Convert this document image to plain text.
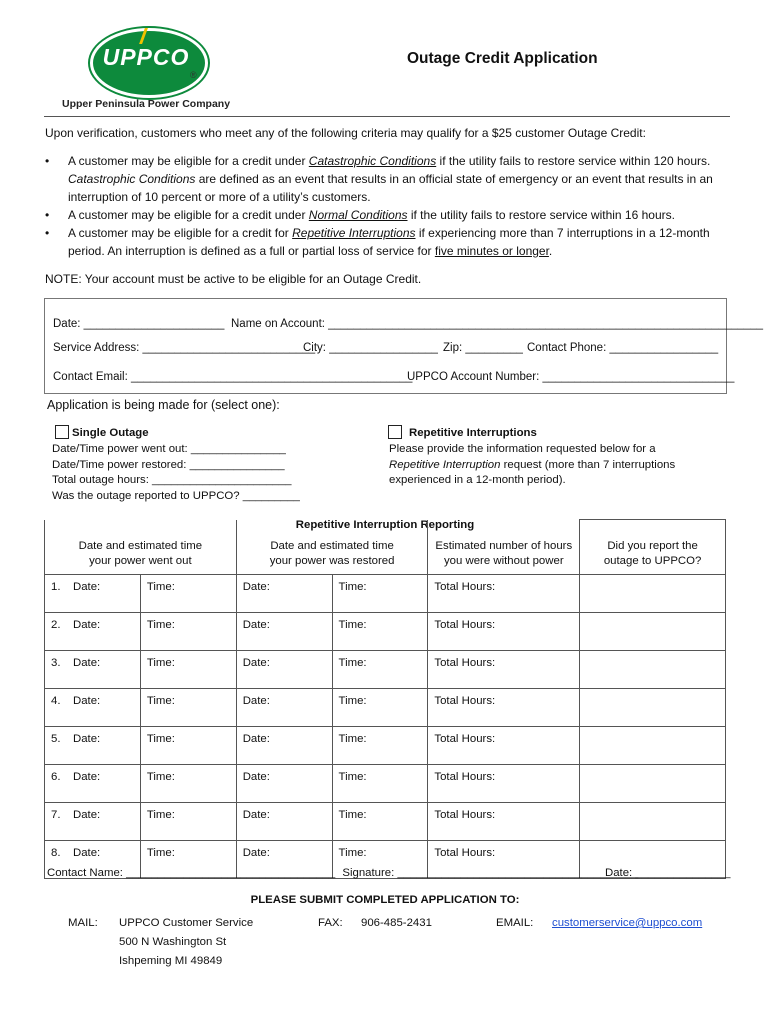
UPPCO
®
Upper Peninsula Power Company
Outage Credit Application
Upon verification, customers who meet any of the following criteria may qualify for a $25 customer Outage Credit:
• A customer may be eligible for a credit under Catastrophic Conditions if the utility fails to restore service within 120 hours. Catastrophic Conditions are defined as an event that results in an official state of emergency or an event that results in an interruption of 10 percent or more of a utility’s customers.
• A customer may be eligible for a credit under Normal Conditions if the utility fails to restore service within 16 hours.
• A customer may be eligible for a credit for Repetitive Interruptions if experiencing more than 7 interruptions in a 12-month period. An interruption is defined as a full or partial loss of service for five minutes or longer.
NOTE: Your account must be active to be eligible for an Outage Credit.
Date: ______________________ Name on Account: ____________________________________________________________________
Service Address: ___________________________
City: _________________ Zip: _________ Contact Phone: _________________
Contact Email: ____________________________________________
UPPCO Account Number: ______________________________
Application is being made for (select one):
Single Outage
Date/Time power went out: _______________
Date/Time power restored: _______________
Total outage hours: ______________________
Was the outage reported to UPPCO? _________
Repetitive Interruptions
Please provide the information requested below for a
Repetitive Interruption request (more than 7 interruptions
experienced in a 12-month period).
Repetitive Interruption Reporting
Date and estimated time
your power went out		Date and estimated time
your power was restored		Estimated number of hours
you were without power	Did you report the
outage to UPPCO?
1. Date:	Time:	Date:	Time:	Total Hours:	
2. Date:	Time:	Date:	Time:	Total Hours:	
3. Date:	Time:	Date:	Time:	Total Hours:	
4. Date:	Time:	Date:	Time:	Total Hours:	
5. Date:	Time:	Date:	Time:	Total Hours:	
6. Date:	Time:	Date:	Time:	Total Hours:	
7. Date:	Time:	Date:	Time:	Total Hours:	
8. Date:	Time:	Date:	Time:	Total Hours:	
Contact Name: _________________________________ Signature: ______________________________________
Date: _______________
PLEASE SUBMIT COMPLETED APPLICATION TO:
MAIL: UPPCO Customer Service
500 N Washington St
Ishpeming MI 49849
FAX: 906-485-2431	EMAIL: customerservice@uppco.com
